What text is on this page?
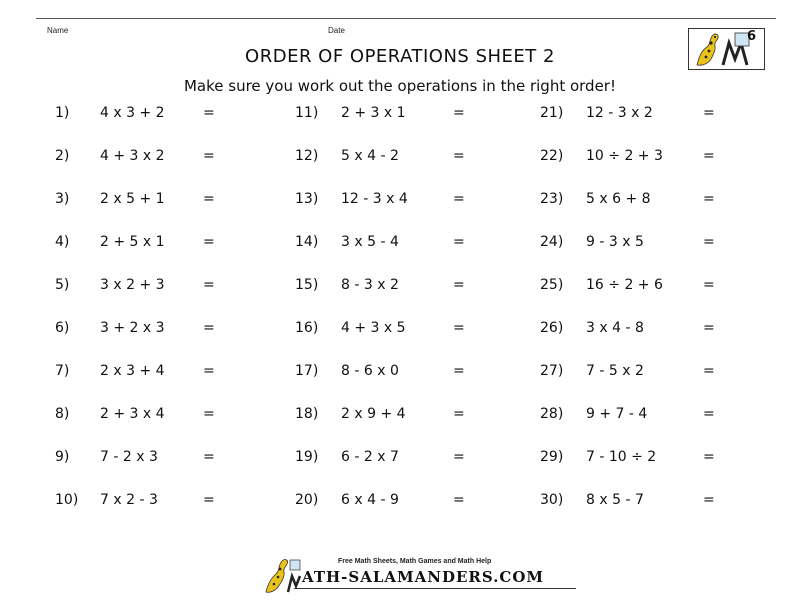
Name	Date	6
ORDER OF OPERATIONS SHEET 2
Make sure you work out the operations in the right order!
1) 4 x 3 + 2	=
2) 4 + 3 x 2	=
3) 2 x 5 + 1	=
4) 2 + 5 x 1	=
5) 3 x 2 + 3	=
6) 3 + 2 x 3	=
7) 2 x 3 + 4	=
8) 2 + 3 x 4	=
9) 7 - 2 x 3	=
10) 7 x 2 - 3	=
11) 2 + 3 x 1	=
12) 5 x 4 - 2	=
13) 12 - 3 x 4	=
14) 3 x 5 - 4	=
15) 8 - 3 x 2	=
16) 4 + 3 x 5	=
17) 8 - 6 x 0	=
18) 2 x 9 + 4	=
19) 6 - 2 x 7	=
20) 6 x 4 - 9	=
21) 12 - 3 x 2	=
22) 10 ÷ 2 + 3	=
23) 5 x 6 + 8	=
24) 9 - 3 x 5	=
25) 16 ÷ 2 + 6	=
26) 3 x 4 - 8	=
27) 7 - 5 x 2	=
28) 9 + 7 - 4	=
29) 7 - 10 ÷ 2	=
30) 8 x 5 - 7	=
Free Math Sheets, Math Games and Math Help
ATH-SALAMANDERS.COM
